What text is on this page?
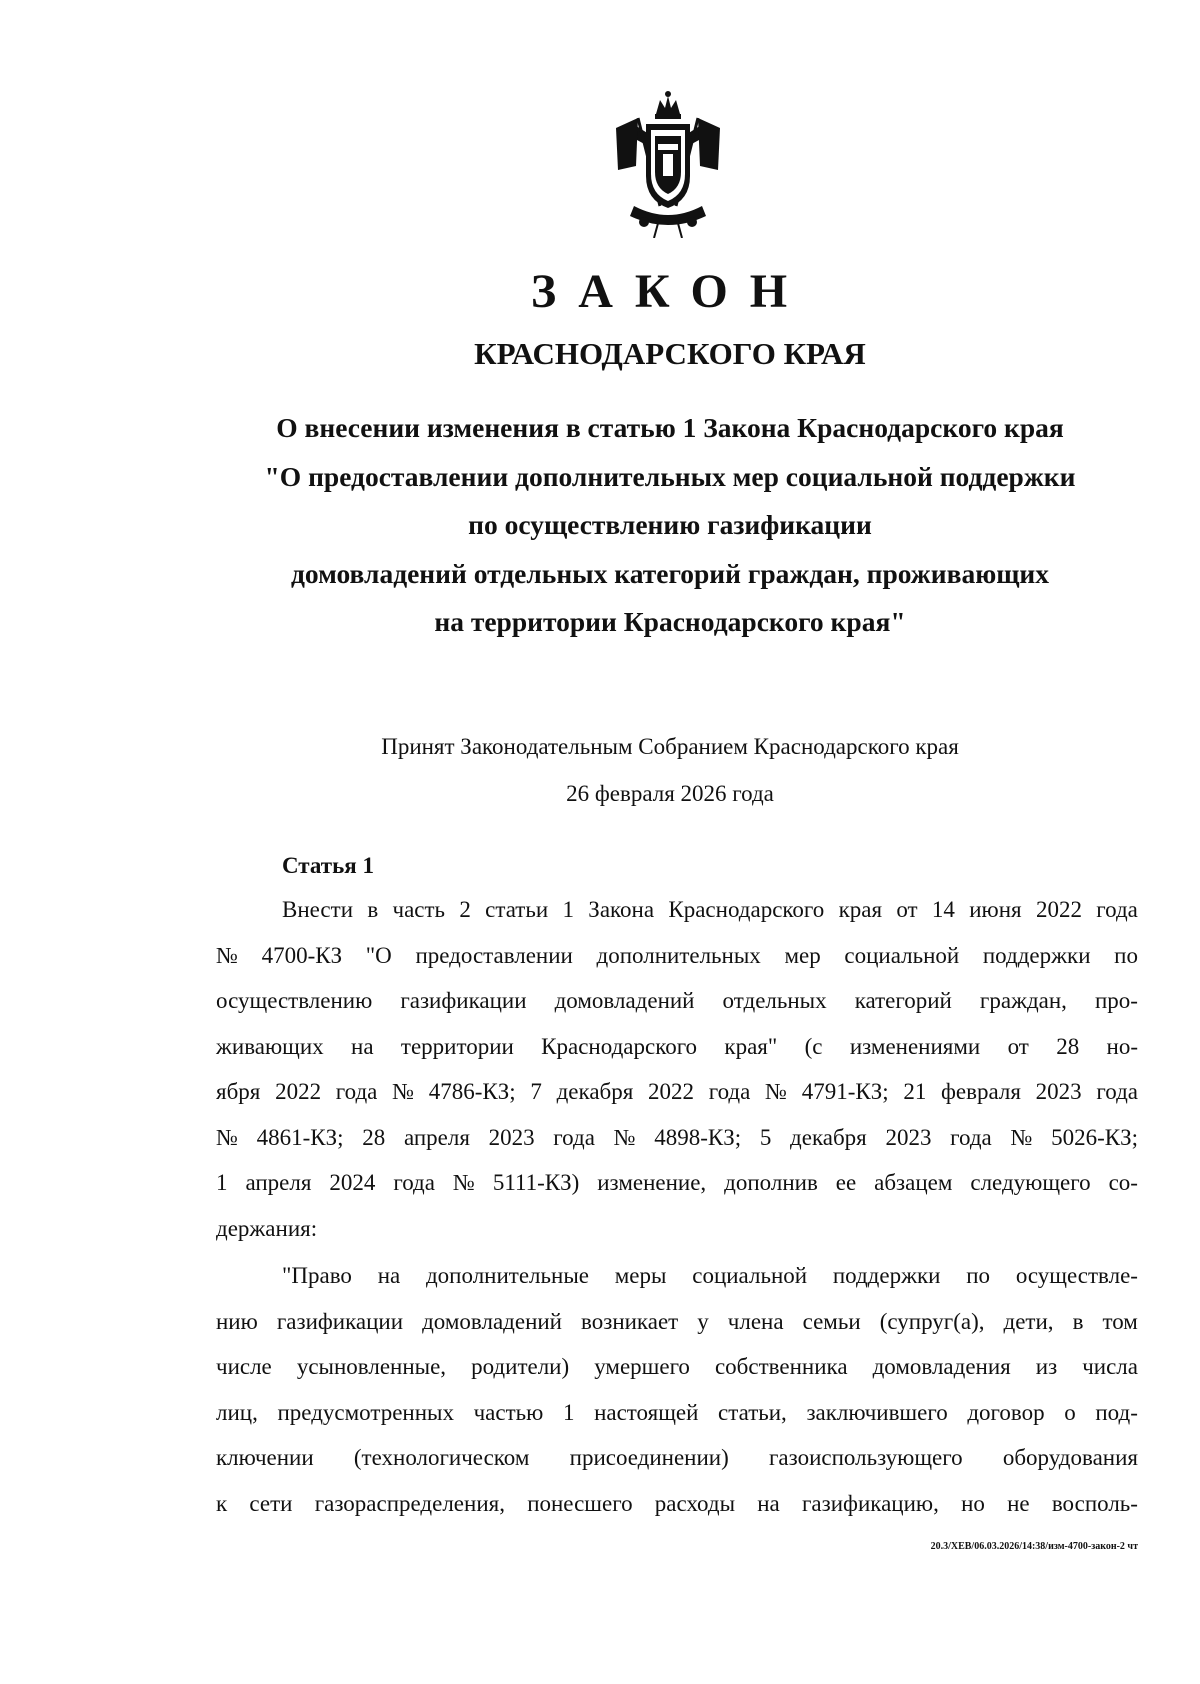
ЗАКОН
КРАСНОДАРСКОГО КРАЯ
О внесении изменения в статью 1 Закона Краснодарского края
"О предоставлении дополнительных мер социальной поддержки
по осуществлению газификации
домовладений отдельных категорий граждан, проживающих
на территории Краснодарского края"
Принят Законодательным Собранием Краснодарского края
26 февраля 2026 года
Статья 1
Внести в часть 2 статьи 1 Закона Краснодарского края от 14 июня 2022 года
№ 4700-КЗ "О предоставлении дополнительных мер социальной поддержки по
осуществлению газификации домовладений отдельных категорий граждан, про-
живающих на территории Краснодарского края" (с изменениями от 28 но-
ября 2022 года № 4786-КЗ; 7 декабря 2022 года № 4791-КЗ; 21 февраля 2023 года
№ 4861-КЗ; 28 апреля 2023 года № 4898-КЗ; 5 декабря 2023 года № 5026-КЗ;
1 апреля 2024 года № 5111-КЗ) изменение, дополнив ее абзацем следующего со-
держания:
"Право на дополнительные меры социальной поддержки по осуществле-
нию газификации домовладений возникает у члена семьи (супруг(а), дети, в том
числе усыновленные, родители) умершего собственника домовладения из числа
лиц, предусмотренных частью 1 настоящей статьи, заключившего договор о под-
ключении (технологическом присоединении) газоиспользующего оборудования
к сети газораспределения, понесшего расходы на газификацию, но не восполь-
20.3/ХЕВ/06.03.2026/14:38/изм-4700-закон-2 чт
